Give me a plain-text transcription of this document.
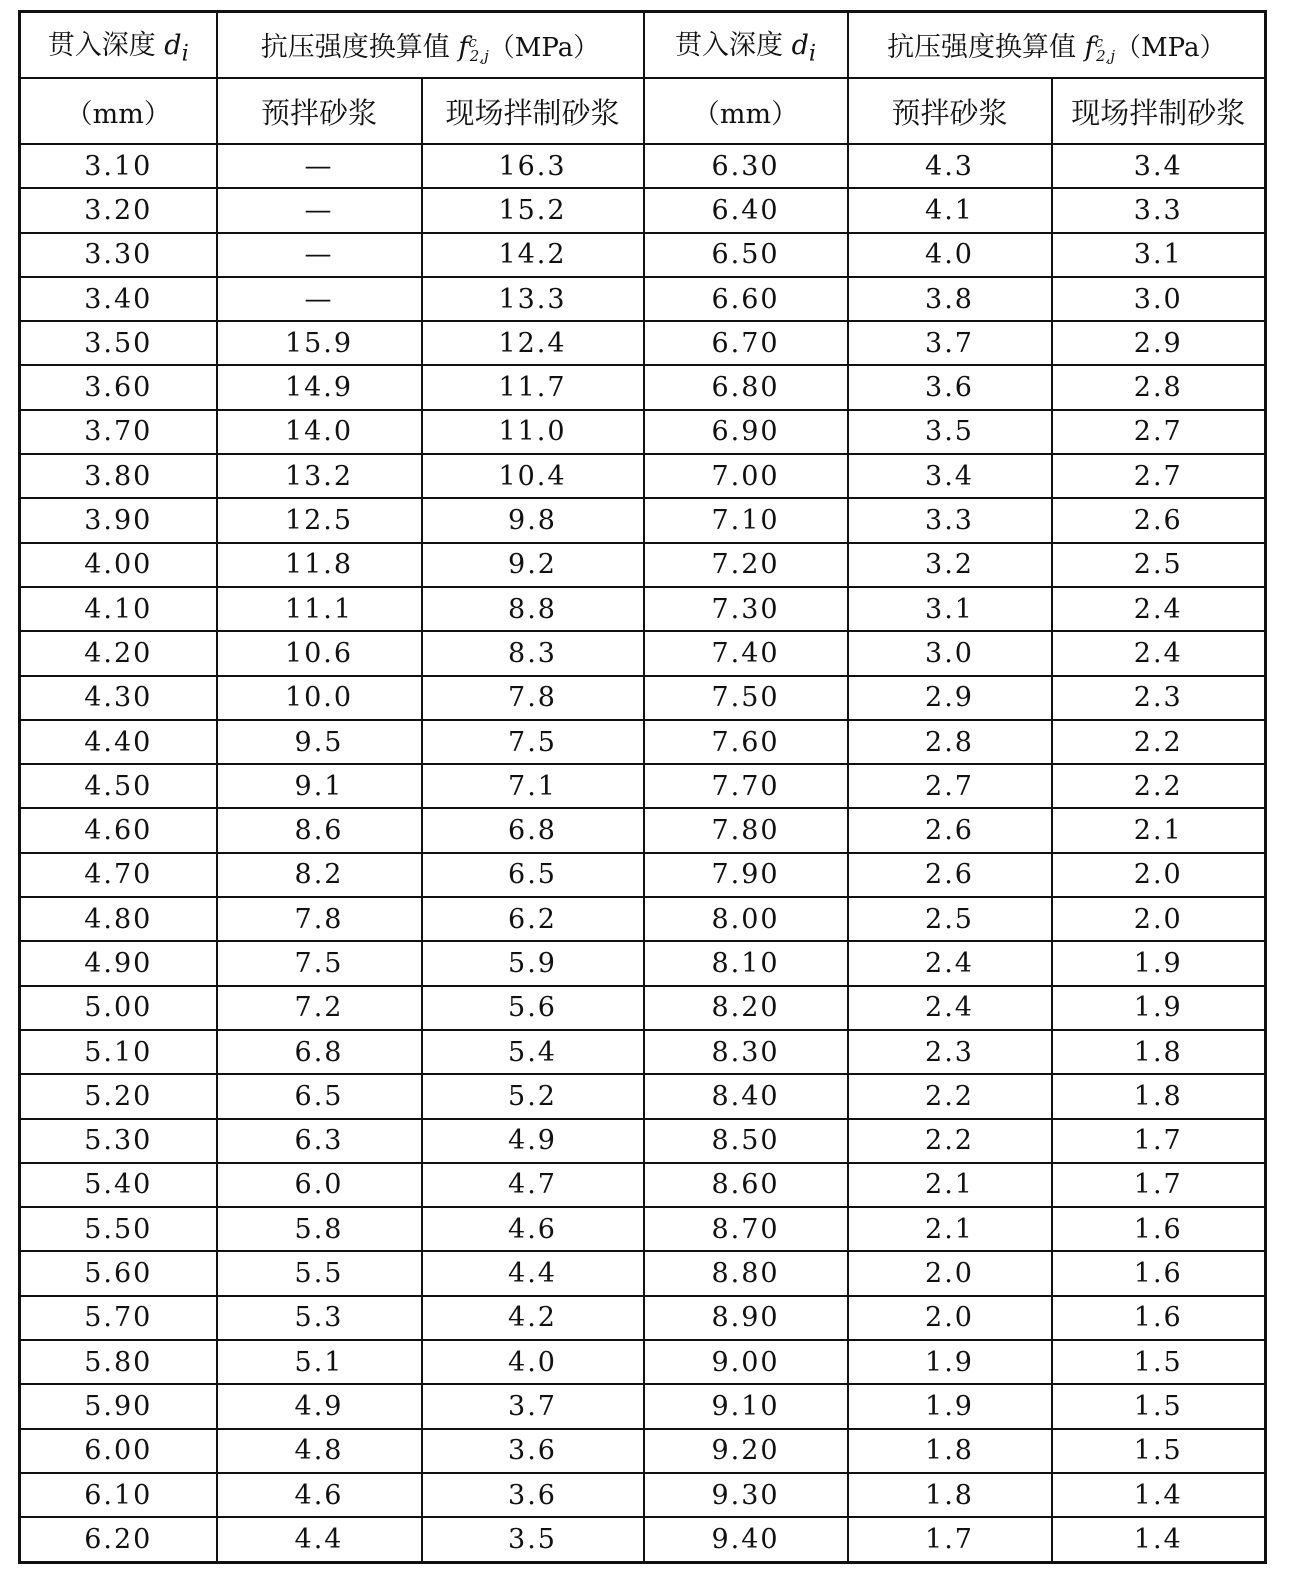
贯入深度 $d_i$	抗压强度换算值 $f^c_{2,j}(MPa)$		贯入深度 $d_i$	抗压强度换算值 $f^c_{2,j}(MPa)$	
（mm）	预拌砂浆	现场拌制砂浆	（mm）	预拌砂浆	现场拌制砂浆
3.10	—	16.3	6.30	4.3	3.4
3.20	—	15.2	6.40	4.1	3.3
3.30	—	14.2	6.50	4.0	3.1
3.40	—	13.3	6.60	3.8	3.0
3.50	15.9	12.4	6.70	3.7	2.9
3.60	14.9	11.7	6.80	3.6	2.8
3.70	14.0	11.0	6.90	3.5	2.7
3.80	13.2	10.4	7.00	3.4	2.7
3.90	12.5	9.8	7.10	3.3	2.6
4.00	11.8	9.2	7.20	3.2	2.5
4.10	11.1	8.8	7.30	3.1	2.4
4.20	10.6	8.3	7.40	3.0	2.4
4.30	10.0	7.8	7.50	2.9	2.3
4.40	9.5	7.5	7.60	2.8	2.2
4.50	9.1	7.1	7.70	2.7	2.2
4.60	8.6	6.8	7.80	2.6	2.1
4.70	8.2	6.5	7.90	2.6	2.0
4.80	7.8	6.2	8.00	2.5	2.0
4.90	7.5	5.9	8.10	2.4	1.9
5.00	7.2	5.6	8.20	2.4	1.9
5.10	6.8	5.4	8.30	2.3	1.8
5.20	6.5	5.2	8.40	2.2	1.8
5.30	6.3	4.9	8.50	2.2	1.7
5.40	6.0	4.7	8.60	2.1	1.7
5.50	5.8	4.6	8.70	2.1	1.6
5.60	5.5	4.4	8.80	2.0	1.6
5.70	5.3	4.2	8.90	2.0	1.6
5.80	5.1	4.0	9.00	1.9	1.5
5.90	4.9	3.7	9.10	1.9	1.5
6.00	4.8	3.6	9.20	1.8	1.5
6.10	4.6	3.6	9.30	1.8	1.4
6.20	4.4	3.5	9.40	1.7	1.4
